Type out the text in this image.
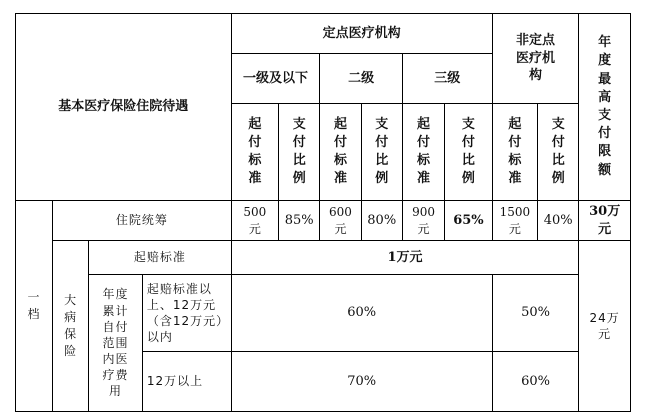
基本医疗保险住院待遇				定点医疗机构						非定点医疗机构		年度最高支付限额
				一级及以下		二级		三级				
				起付标准	支付比例	起付标准	支付比例	起付标准	支付比例	起付标准	支付比例	
一档	住院统筹			500元	85%	600元	80%	900元	65%	1500元	40%	30万元
	大病保险	起赔标准		1万元								24万元
		年度累计自付范围内医疗费用	起赔标准以上、12万元（含12万元）以内	60%						50%		
			12万以上	70%						60%		
